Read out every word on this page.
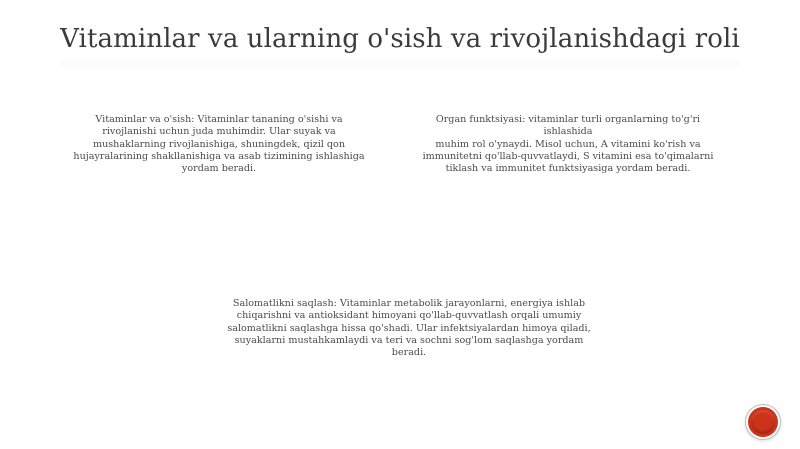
Vitaminlar va ularning o'sish va rivojlanishdagi roli
Vitaminlar va o'sish: Vitaminlar tananing o'sishi va
rivojlanishi uchun juda muhimdir. Ular suyak va
mushaklarning rivojlanishiga, shuningdek, qizil qon
hujayralarining shakllanishiga va asab tizimining ishlashiga
yordam beradi.
Organ funktsiyasi: vitaminlar turli organlarning to'g'ri ishlashida
muhim rol o'ynaydi. Misol uchun, A vitamini ko'rish va
immunitetni qo'llab-quvvatlaydi, S vitamini esa to'qimalarni
tiklash va immunitet funktsiyasiga yordam beradi.
Salomatlikni saqlash: Vitaminlar metabolik jarayonlarni, energiya ishlab
chiqarishni va antioksidant himoyani qo'llab-quvvatlash orqali umumiy
salomatlikni saqlashga hissa qo'shadi. Ular infektsiyalardan himoya qiladi,
suyaklarni mustahkamlaydi va teri va sochni sog'lom saqlashga yordam
beradi.
